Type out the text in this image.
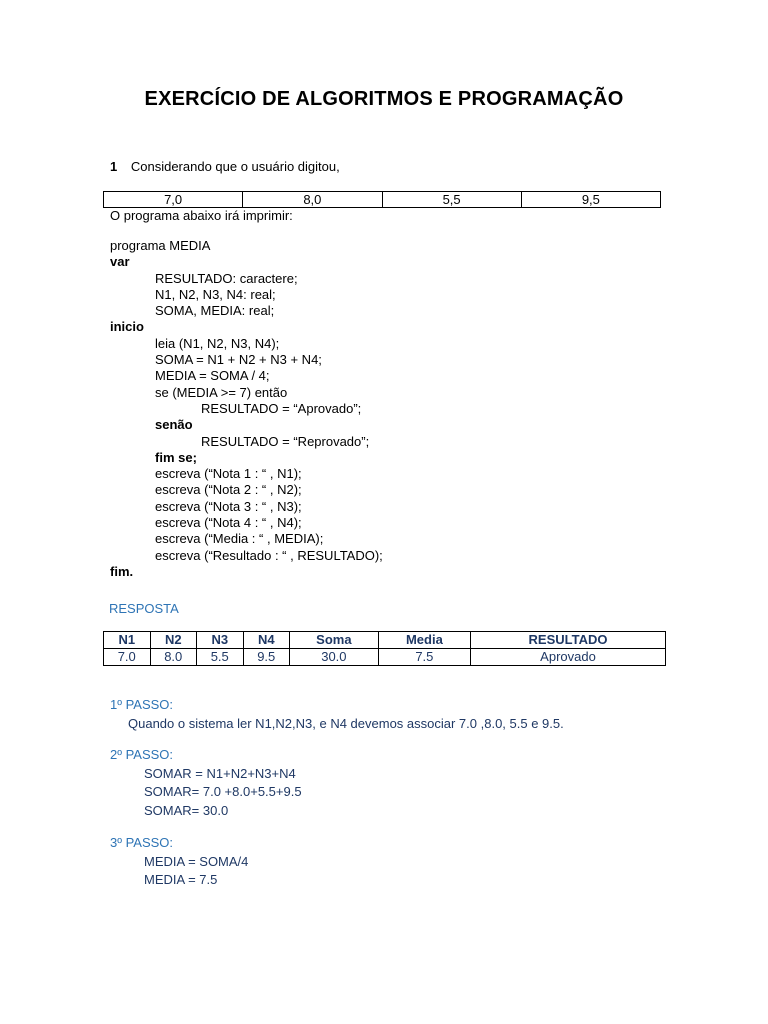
EXERCÍCIO DE ALGORITMOS E PROGRAMAÇÃO
1 Considerando que o usuário digitou,
7,0	8,0	5,5	9,5
O programa abaixo irá imprimir:
programa MEDIA
var
RESULTADO: caractere;
N1, N2, N3, N4: real;
SOMA, MEDIA: real;
inicio
leia (N1, N2, N3, N4);
SOMA = N1 + N2 + N3 + N4;
MEDIA = SOMA / 4;
se (MEDIA >= 7) então
RESULTADO = “Aprovado”;
senão
RESULTADO = “Reprovado”;
fim se;
escreva (“Nota 1 : “ , N1);
escreva (“Nota 2 : “ , N2);
escreva (“Nota 3 : “ , N3);
escreva (“Nota 4 : “ , N4);
escreva (“Media : “ , MEDIA);
escreva (“Resultado : “ , RESULTADO);
fim.
RESPOSTA
N1	N2	N3	N4	Soma	Media	RESULTADO
7.0	8.0	5.5	9.5	30.0	7.5	Aprovado
1º PASSO:
Quando o sistema ler N1,N2,N3, e N4 devemos associar 7.0 ,8.0, 5.5 e 9.5.
2º PASSO:
SOMAR = N1+N2+N3+N4
SOMAR= 7.0 +8.0+5.5+9.5
SOMAR= 30.0
3º PASSO:
MEDIA = SOMA/4
MEDIA = 7.5
